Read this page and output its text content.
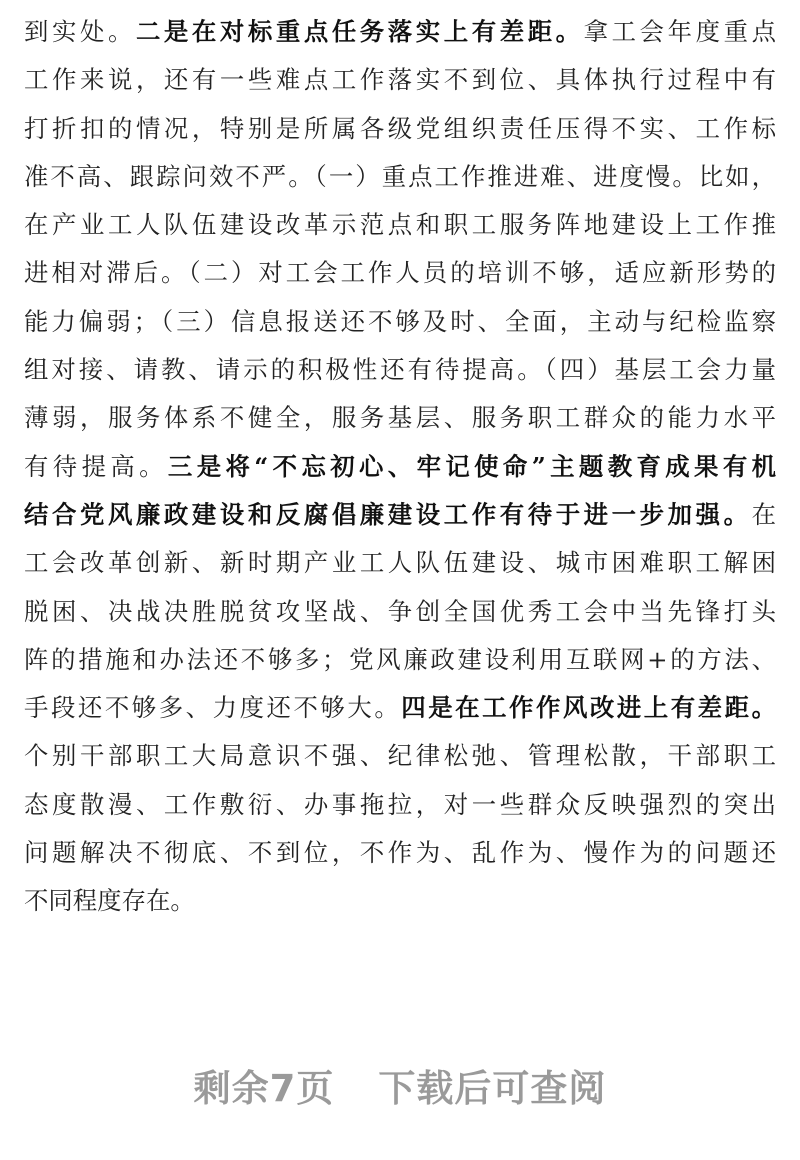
到实处。二是在对标重点任务落实上有差距。拿工会年度重点
工作来说，还有一些难点工作落实不到位、具体执行过程中有
打折扣的情况，特别是所属各级党组织责任压得不实、工作标
准不高、跟踪问效不严。（一）重点工作推进难、进度慢。比如，
在产业工人队伍建设改革示范点和职工服务阵地建设上工作推
进相对滞后。（二）对工会工作人员的培训不够，适应新形势的
能力偏弱；（三）信息报送还不够及时、全面，主动与纪检监察
组对接、请教、请示的积极性还有待提高。（四）基层工会力量
薄弱，服务体系不健全，服务基层、服务职工群众的能力水平
有待提高。三是将“不忘初心、牢记使命”主题教育成果有机
结合党风廉政建设和反腐倡廉建设工作有待于进一步加强。在
工会改革创新、新时期产业工人队伍建设、城市困难职工解困
脱困、决战决胜脱贫攻坚战、争创全国优秀工会中当先锋打头
阵的措施和办法还不够多；党风廉政建设利用互联网+的方法、
手段还不够多、力度还不够大。四是在工作作风改进上有差距。
个别干部职工大局意识不强、纪律松弛、管理松散，干部职工
态度散漫、工作敷衍、办事拖拉，对一些群众反映强烈的突出
问题解决不彻底、不到位，不作为、乱作为、慢作为的问题还
不同程度存在。
剩余7页 下载后可查阅
